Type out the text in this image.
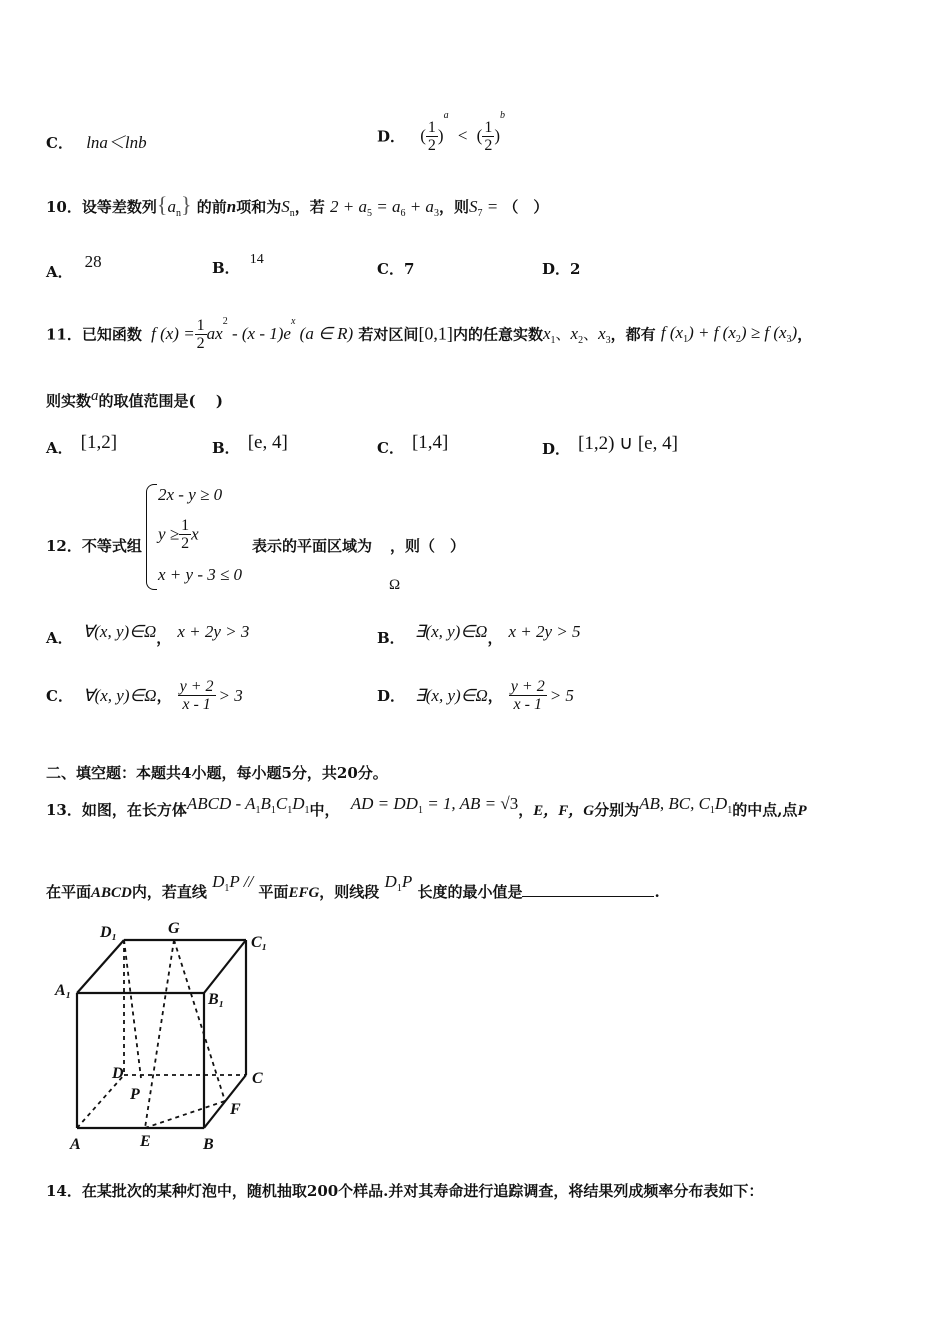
C． lna＜lnb	D． ( $\frac{1}{2} )^a$ < ( $\frac{1}{2} )^b$
10．设等差数列$\{a_n\}$ 的前n项和为$S_n$，若 $2 + a_5 = a_6 + a_3$，则$S_7$ = （　）
A．28	B． 14
C．7	D．2
11．已知函数 f $(x) = \frac{1}{2} ax^2 - (x - 1)e^x$ (a ∈ R) 若对区间[0,1]内的任意实数$x_1$、$x_2$、$x_3$，都有 f $(x_1) + f$ $(x_2) \ge f$ $(x_3)$，
则实数a的取值范围是(　 )
A． [1,2]	B． [e, 4]	C． [1,4]	D． [1,2) ∪ [e, 4]
12．不等式组
2x - y ≥ 0
$y \ge \frac{1}{2}$ x
x + y - 3 ≤ 0
表示的平面区域为 ，则（　）
Ω
A． ∀(x, y)∈Ω， x + 2y > 3	B． ∃(x, y)∈Ω， x + 2y > 5
C． ∀(x, y)∈Ω， $\frac{y + 2}{x - 1} > 3$	D． ∃(x, y)∈Ω， $\frac{y + 2}{x - 1} > 5$
二、填空题：本题共4小题，每小题5分，共20分。
13．如图，在长方体ABCD - $A_1B_1C_1D_1$中， AD = $DD_1 = 1$, AB = √3，E，F，G分别为AB, BC, $C_1D_1$的中点,点P
在平面ABCD内，若直线 $D_1P$ // 平面EFG，则线段 $D_1P$ 长度的最小值是	.
D₁	G
C₁
A₁
B₁
D	C
P
F
A	E	B
14．在某批次的某种灯泡中，随机抽取200个样品.并对其寿命进行追踪调查，将结果列成频率分布表如下：
